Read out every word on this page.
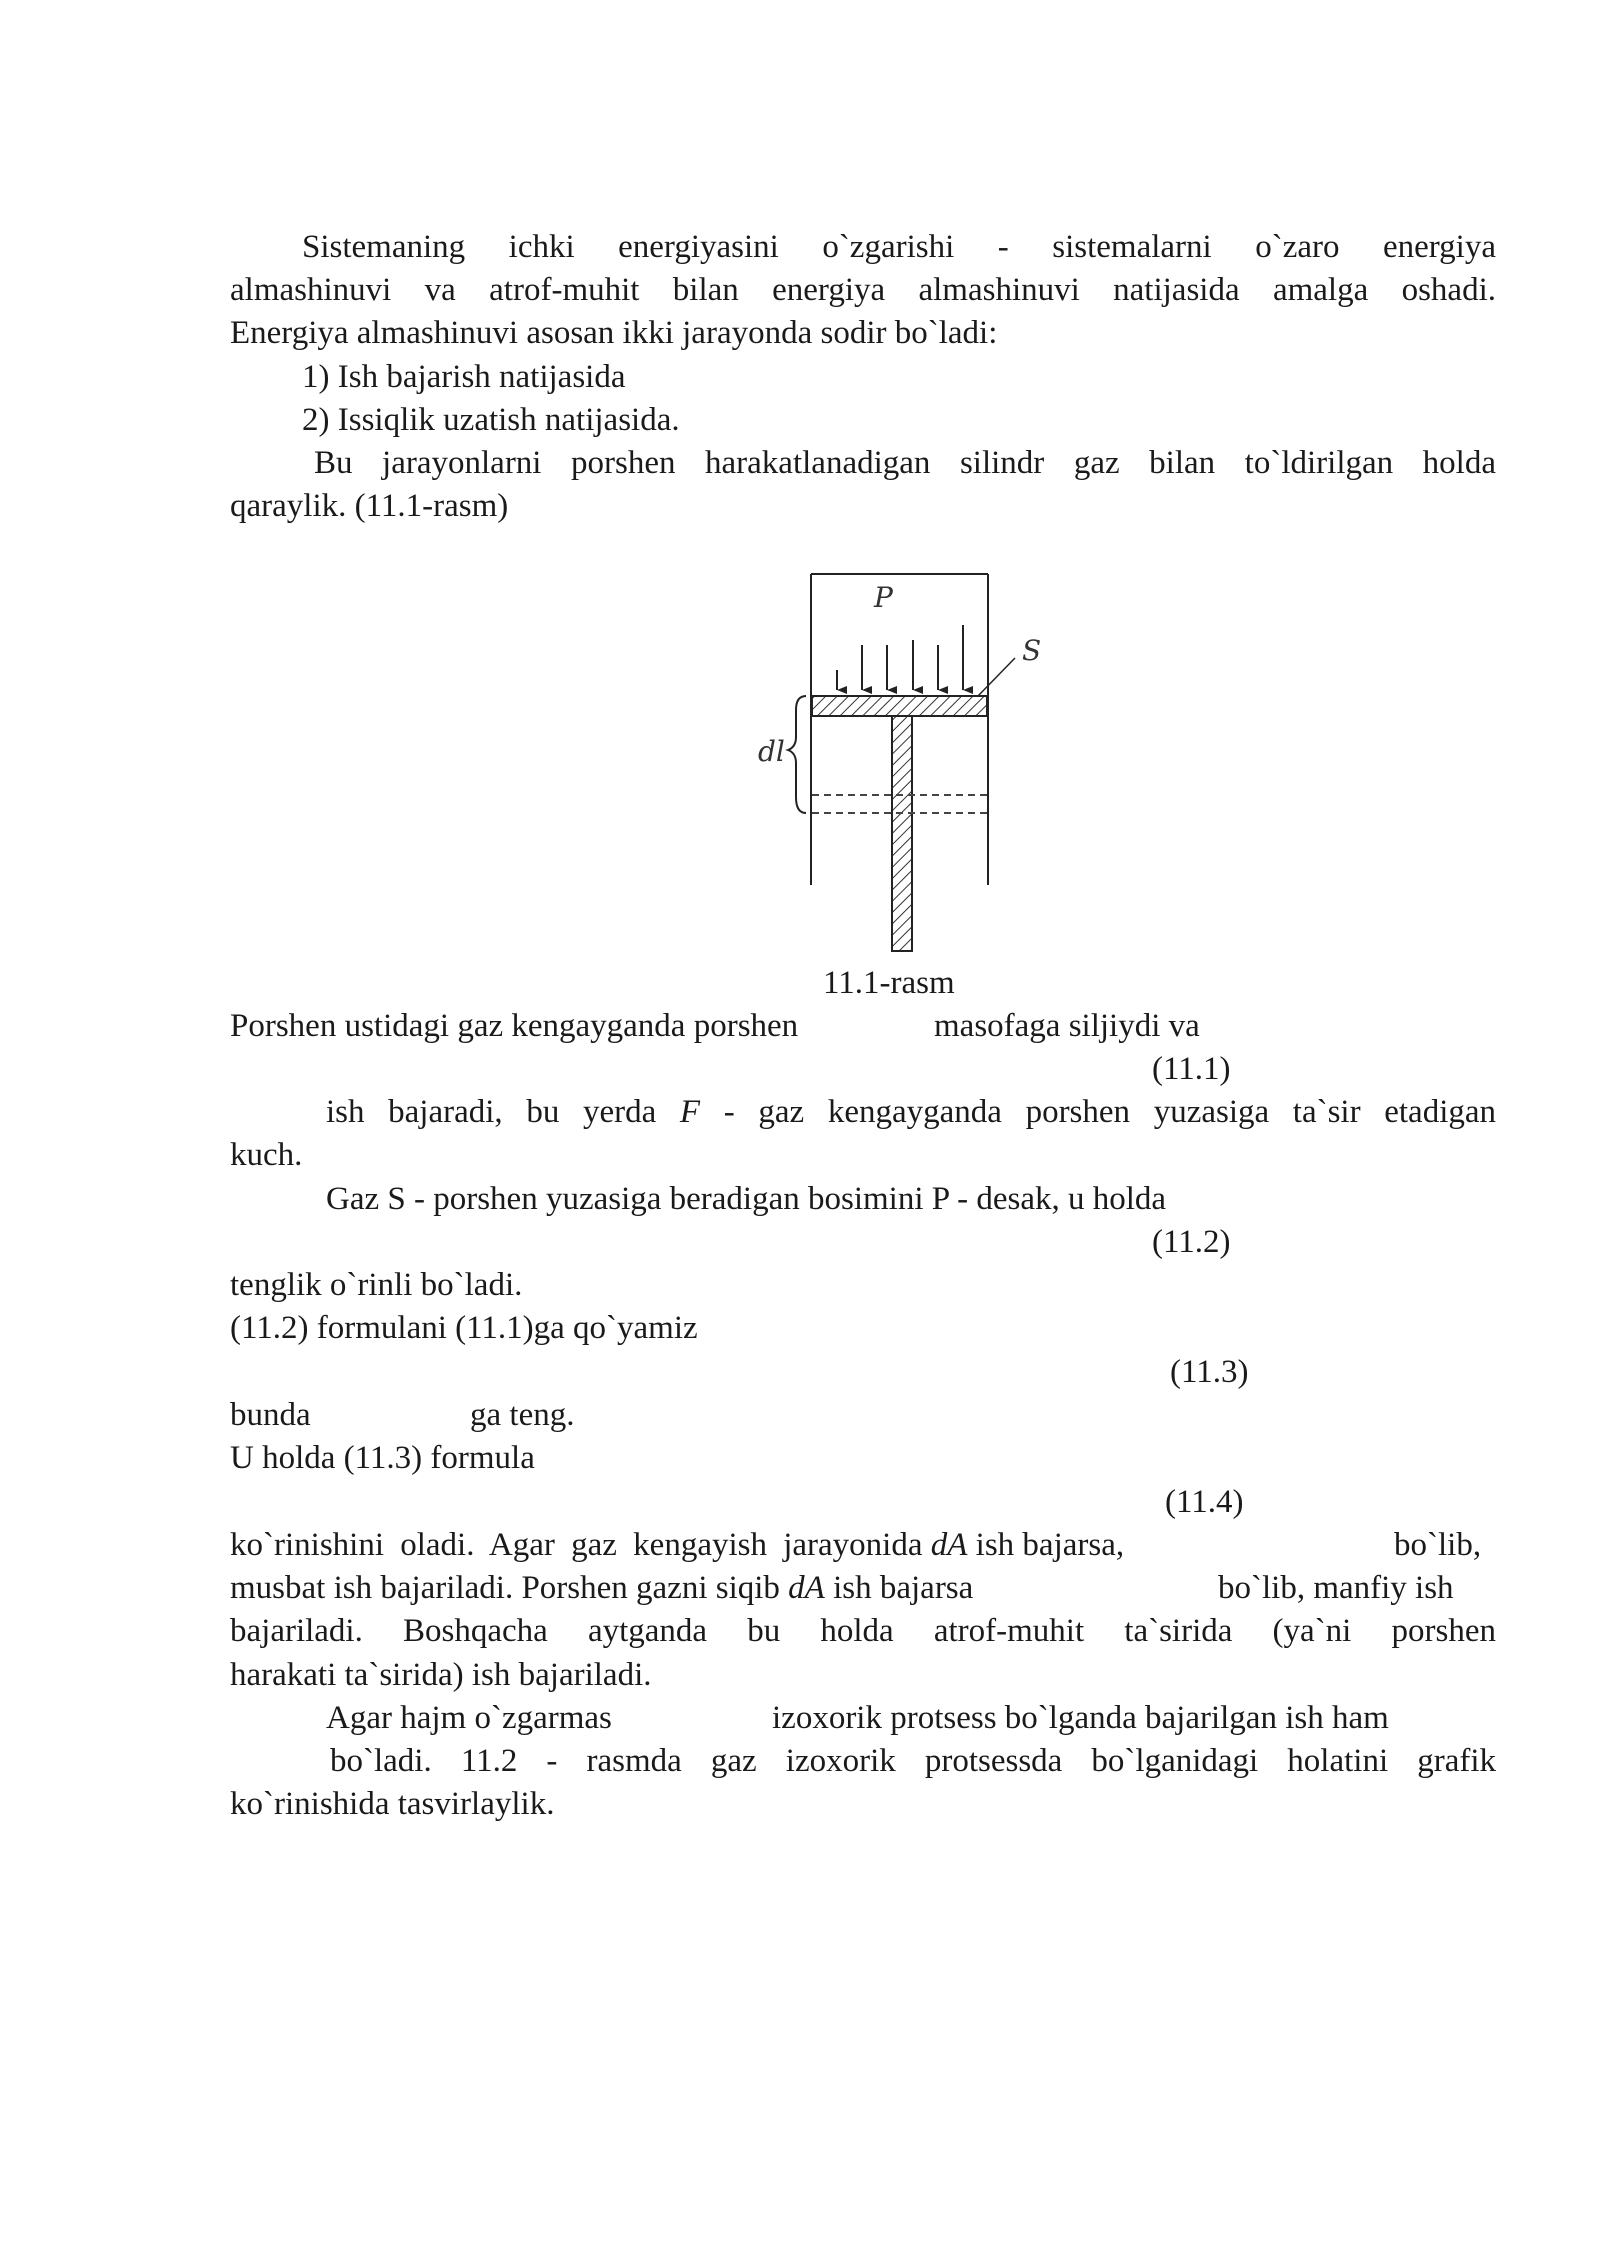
Sistemaning ichki energiyasini o`zgarishi - sistemalarni o`zaro energiya
almashinuvi va atrof-muhit bilan energiya almashinuvi natijasida amalga oshadi.
Energiya almashinuvi asosan ikki jarayonda sodir bo`ladi:
1) Ish bajarish natijasida
2) Issiqlik uzatish natijasida.
Bu jarayonlarni porshen harakatlanadigan silindr gaz bilan to`ldirilgan holda
qaraylik. (11.1-rasm)
P
S
dl
11.1-rasm
Porshen ustidagi gaz kengayganda porshen	masofaga siljiydi va
(11.1)
ish bajaradi, bu yerda F - gaz kengayganda porshen yuzasiga ta`sir etadigan
kuch.
Gaz S - porshen yuzasiga beradigan bosimini P - desak, u holda
(11.2)
tenglik o`rinli bo`ladi.
(11.2) formulani (11.1)ga qo`yamiz
(11.3)
bunda	ga teng.
U holda (11.3) formula
(11.4)
ko`rinishini oladi. Agar gaz kengayish jarayonida dA ish bajarsa,	bo`lib,
musbat ish bajariladi. Porshen gazni siqib dA ish bajarsa	bo`lib, manfiy ish
bajariladi. Boshqacha aytganda bu holda atrof-muhit ta`sirida (ya`ni porshen
harakati ta`sirida) ish bajariladi.
Agar hajm o`zgarmas	izoxorik protsess bo`lganda bajarilgan ish ham
bo`ladi. 11.2 - rasmda gaz izoxorik protsessda bo`lganidagi holatini grafik
ko`rinishida tasvirlaylik.
